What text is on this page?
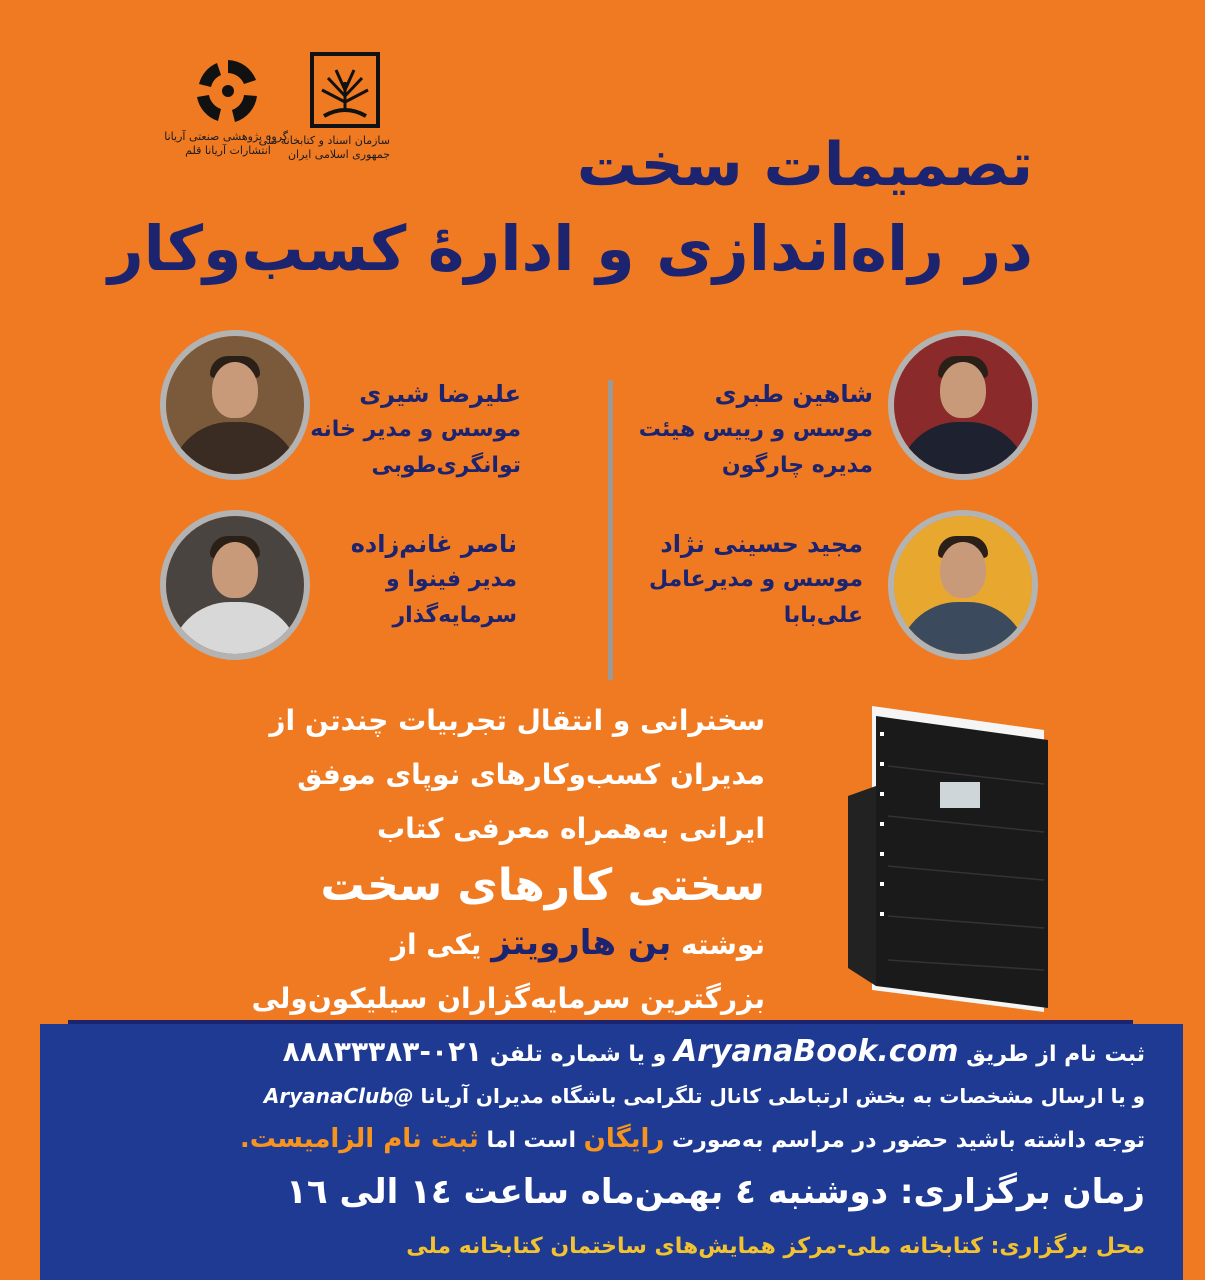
سازمان اسناد و کتابخانه ملی
جمهوری اسلامی ایران
گروه پژوهشی صنعتی آریانا
انتشارات آریانا قلم	تصمیمات سخت
در راه‌اندازی و ادارهٔ کسب‌وکار
شاهین طبری
موسس و رییس هیئت
مدیره چارگون
علیرضا شیری
موسس و مدیر خانه
توانگری‌طوبی
مجید حسینی نژاد
موسس و مدیرعامل
علی‌بابا
ناصر غانم‌زاده
مدیر فینوا و
سرمایه‌گذار
سخنرانی و انتقال تجربیات چندتن از
مدیران کسب‌وکارهای نوپای موفق
ایرانی به‌همراه معرفی کتاب
سختی کارهای سخت
نوشته بن هارویتز یکی از
بزرگترین سرمایه‌گزاران سیلیکون‌ولی
ثبت نام از طریق AryanaBook.com و یا شماره تلفن ۰۲۱-۸۸۸۳۳۳۸۳
و یا ارسال مشخصات به بخش ارتباطی کانال تلگرامی باشگاه مدیران آریانا @AryanaClub
توجه داشته باشید حضور در مراسم به‌صورت رایگان است اما ثبت نام الزامیست.
زمان برگزاری: دوشنبه ٤ بهمن‌ماه ساعت ١٤ الی ١٦
محل برگزاری: کتابخانه ملی-مرکز همایش‌های ساختمان کتابخانه ملی
